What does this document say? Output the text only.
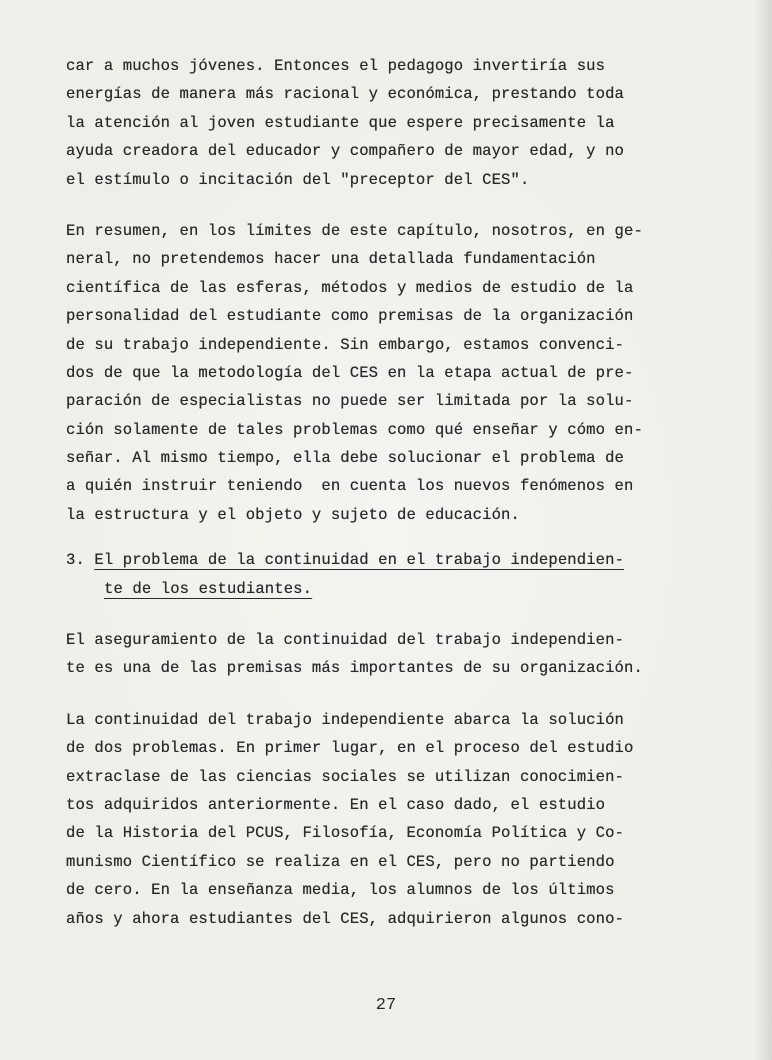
car a muchos jóvenes. Entonces el pedagogo invertiría sus
energías de manera más racional y económica, prestando toda
la atención al joven estudiante que espere precisamente la
ayuda creadora del educador y compañero de mayor edad, y no
el estímulo o incitación del "preceptor del CES".
En resumen, en los límites de este capítulo, nosotros, en ge-
neral, no pretendemos hacer una detallada fundamentación
científica de las esferas, métodos y medios de estudio de la
personalidad del estudiante como premisas de la organización
de su trabajo independiente. Sin embargo, estamos convenci-
dos de que la metodología del CES en la etapa actual de pre-
paración de especialistas no puede ser limitada por la solu-
ción solamente de tales problemas como qué enseñar y cómo en-
señar. Al mismo tiempo, ella debe solucionar el problema de
a quién instruir teniendo  en cuenta los nuevos fenómenos en
la estructura y el objeto y sujeto de educación.
3. El problema de la continuidad en el trabajo independien-
te de los estudiantes.
El aseguramiento de la continuidad del trabajo independien-
te es una de las premisas más importantes de su organización.
La continuidad del trabajo independiente abarca la solución
de dos problemas. En primer lugar, en el proceso del estudio
extraclase de las ciencias sociales se utilizan conocimien-
tos adquiridos anteriormente. En el caso dado, el estudio
de la Historia del PCUS, Filosofía, Economía Política y Co-
munismo Científico se realiza en el CES, pero no partiendo
de cero. En la enseñanza media, los alumnos de los últimos
años y ahora estudiantes del CES, adquirieron algunos cono-
27
